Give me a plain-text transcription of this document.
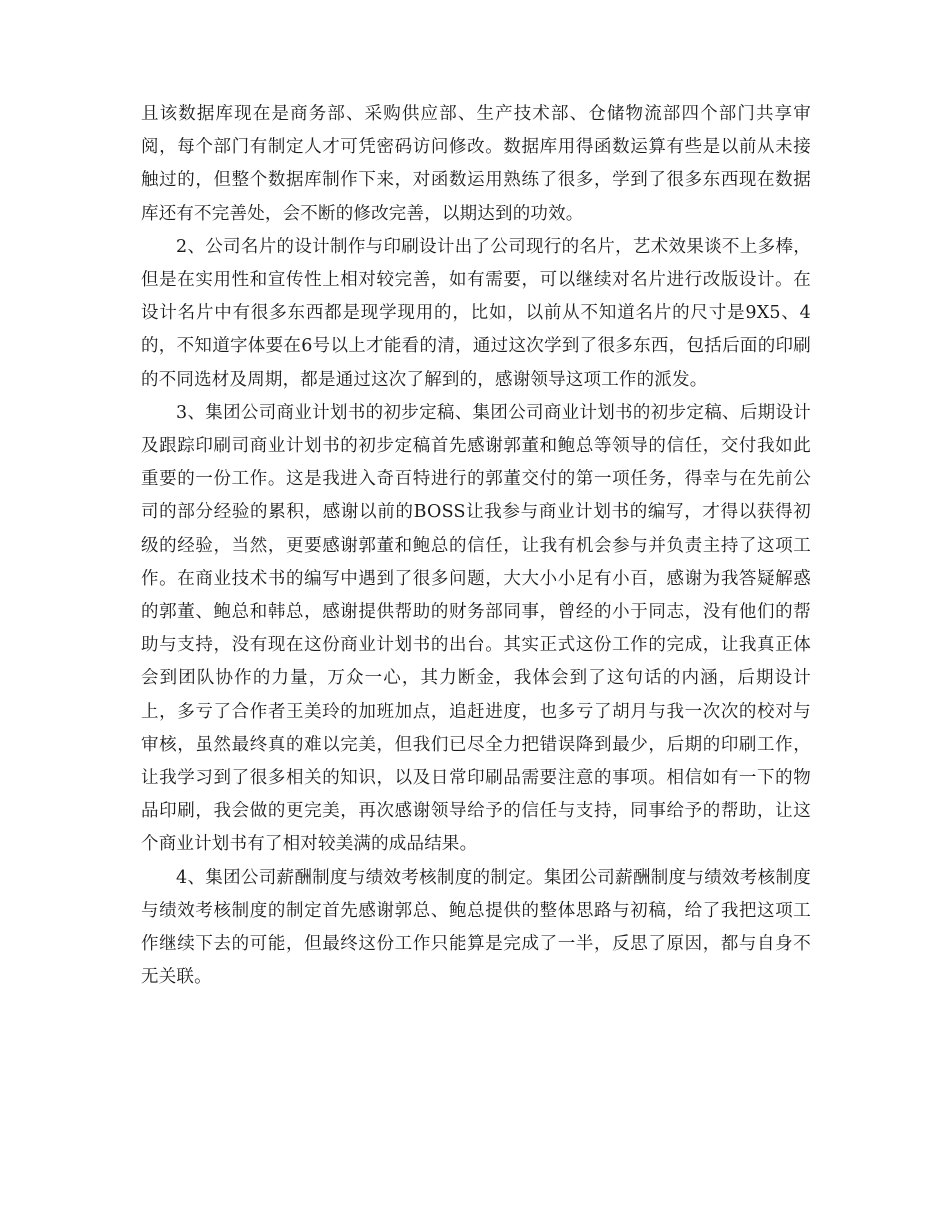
且该数据库现在是商务部、采购供应部、生产技术部、仓储物流部四个部门共享审阅，每个部门有制定人才可凭密码访问修改。数据库用得函数运算有些是以前从未接触过的，但整个数据库制作下来，对函数运用熟练了很多，学到了很多东西现在数据库还有不完善处，会不断的修改完善，以期达到的功效。

2、公司名片的设计制作与印刷设计出了公司现行的名片，艺术效果谈不上多棒，但是在实用性和宣传性上相对较完善，如有需要，可以继续对名片进行改版设计。在设计名片中有很多东西都是现学现用的，比如，以前从不知道名片的尺寸是9X5、4的，不知道字体要在6号以上才能看的清，通过这次学到了很多东西，包括后面的印刷的不同选材及周期，都是通过这次了解到的，感谢领导这项工作的派发。

3、集团公司商业计划书的初步定稿、集团公司商业计划书的初步定稿、后期设计及跟踪印刷司商业计划书的初步定稿首先感谢郭董和鲍总等领导的信任，交付我如此重要的一份工作。这是我进入奇百特进行的郭董交付的第一项任务，得幸与在先前公司的部分经验的累积，感谢以前的BOSS让我参与商业计划书的编写，才得以获得初级的经验，当然，更要感谢郭董和鲍总的信任，让我有机会参与并负责主持了这项工作。在商业技术书的编写中遇到了很多问题，大大小小足有小百，感谢为我答疑解惑的郭董、鲍总和韩总，感谢提供帮助的财务部同事，曾经的小于同志，没有他们的帮助与支持，没有现在这份商业计划书的出台。其实正式这份工作的完成，让我真正体会到团队协作的力量，万众一心，其力断金，我体会到了这句话的内涵，后期设计上，多亏了合作者王美玲的加班加点，追赶进度，也多亏了胡月与我一次次的校对与审核，虽然最终真的难以完美，但我们已尽全力把错误降到最少，后期的印刷工作，让我学习到了很多相关的知识，以及日常印刷品需要注意的事项。相信如有一下的物品印刷，我会做的更完美，再次感谢领导给予的信任与支持，同事给予的帮助，让这个商业计划书有了相对较美满的成品结果。

4、集团公司薪酬制度与绩效考核制度的制定。集团公司薪酬制度与绩效考核制度与绩效考核制度的制定首先感谢郭总、鲍总提供的整体思路与初稿，给了我把这项工作继续下去的可能，但最终这份工作只能算是完成了一半，反思了原因，都与自身不无关联。
